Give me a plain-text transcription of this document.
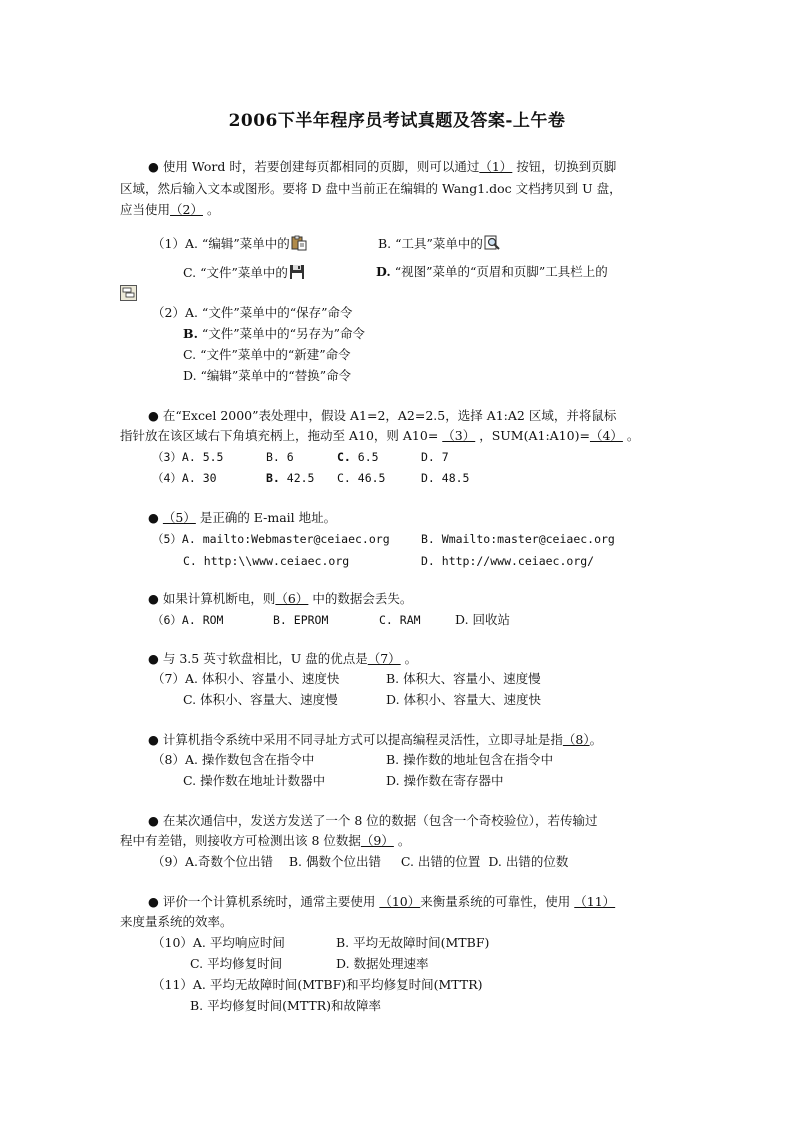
2006下半年程序员考试真题及答案-上午卷
● 使用 Word 时，若要创建每页都相同的页脚，则可以通过（1） 按钮，切换到页脚
区域，然后输入文本或图形。要将 D 盘中当前正在编辑的 Wang1.doc 文档拷贝到 U 盘，
应当使用（2） 。
（1）A. “编辑”菜单中的	B. “工具”菜单中的
C. “文件”菜单中的	D. “视图”菜单的“页眉和页脚”工具栏上的
（2）A. “文件”菜单中的“保存”命令
B. “文件”菜单中的“另存为”命令
C. “文件”菜单中的“新建”命令
D. “编辑”菜单中的“替换”命令
● 在“Excel 2000”表处理中，假设 A1=2，A2=2.5，选择 A1:A2 区域，并将鼠标
指针放在该区域右下角填充柄上，拖动至 A10，则 A10= （3） ，SUM(A1:A10)=（4） 。
（3）A. 5.5	B. 6	C. 6.5	D. 7
（4）A. 30	B. 42.5 C. 46.5	D. 48.5
● （5） 是正确的 E-mail 地址。
（5）A. mailto:Webmaster@ceiaec.org	B. Wmailto:master@ceiaec.org
C. http:\\www.ceiaec.org	D. http://www.ceiaec.org/
● 如果计算机断电，则（6） 中的数据会丢失。
（6）A. ROM	B. EPROM	C. RAM	D. 回收站
● 与 3.5 英寸软盘相比，U 盘的优点是（7） 。
（7）A. 体积小、容量小、速度快	B. 体积大、容量小、速度慢
C. 体积小、容量大、速度慢	D. 体积小、容量大、速度快
● 计算机指令系统中采用不同寻址方式可以提高编程灵活性，立即寻址是指（8）。
（8）A. 操作数包含在指令中	B. 操作数的地址包含在指令中
C. 操作数在地址计数器中	D. 操作数在寄存器中
● 在某次通信中，发送方发送了一个 8 位的数据（包含一个奇校验位），若传输过
程中有差错，则接收方可检测出该 8 位数据（9） 。
（9）A.奇数个位出错    B. 偶数个位出错     C. 出错的位置  D. 出错的位数
● 评价一个计算机系统时，通常主要使用 （10）来衡量系统的可靠性，使用 （11）
来度量系统的效率。
（10）A. 平均响应时间	B. 平均无故障时间(MTBF)
C. 平均修复时间	D. 数据处理速率
（11）A. 平均无故障时间(MTBF)和平均修复时间(MTTR)
B. 平均修复时间(MTTR)和故障率
